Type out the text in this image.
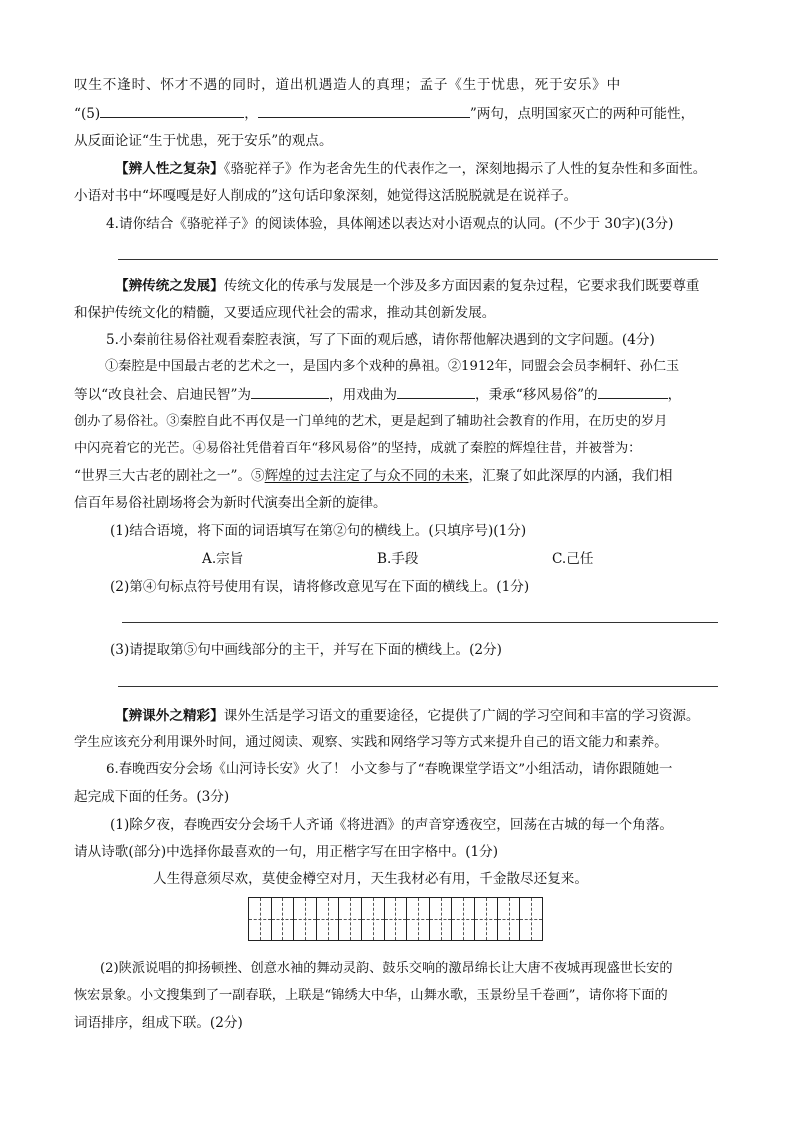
叹生不逢时、怀才不遇的同时，道出机遇造人的真理；孟子《生于忧患，死于安乐》中
“(5)	，	”两句，点明国家灭亡的两种可能性，
从反面论证“生于忧患，死于安乐”的观点。
【辨人性之复杂】《骆驼祥子》作为老舍先生的代表作之一，深刻地揭示了人性的复杂性和多面性。
小语对书中“坏嘎嘎是好人削成的”这句话印象深刻，她觉得这活脱脱就是在说祥子。
4.请你结合《骆驼祥子》的阅读体验，具体阐述以表达对小语观点的认同。(不少于 30字)(3分)
【辨传统之发展】传统文化的传承与发展是一个涉及多方面因素的复杂过程，它要求我们既要尊重
和保护传统文化的精髓，又要适应现代社会的需求，推动其创新发展。
5.小秦前往易俗社观看秦腔表演，写了下面的观后感，请你帮他解决遇到的文字问题。(4分)
①秦腔是中国最古老的艺术之一，是国内多个戏种的鼻祖。②1912年，同盟会会员李桐轩、孙仁玉
等以“改良社会、启迪民智”为	，用戏曲为	，秉承“移风易俗”的	，
创办了易俗社。③秦腔自此不再仅是一门单纯的艺术，更是起到了辅助社会教育的作用，在历史的岁月
中闪亮着它的光芒。④易俗社凭借着百年“移风易俗”的坚持，成就了秦腔的辉煌往昔，并被誉为：
“世界三大古老的剧社之一”。⑤辉煌的过去注定了与众不同的未来，汇聚了如此深厚的内涵，我们相
信百年易俗社剧场将会为新时代演奏出全新的旋律。
(1)结合语境，将下面的词语填写在第②句的横线上。(只填序号)(1分)
A.宗旨	B.手段	C.己任
(2)第④句标点符号使用有误，请将修改意见写在下面的横线上。(1分)
(3)请提取第⑤句中画线部分的主干，并写在下面的横线上。(2分)
【辨课外之精彩】课外生活是学习语文的重要途径，它提供了广阔的学习空间和丰富的学习资源。
学生应该充分利用课外时间，通过阅读、观察、实践和网络学习等方式来提升自己的语文能力和素养。
6.春晚西安分会场《山河诗长安》火了！ 小文参与了“春晚课堂学语文”小组活动，请你跟随她一
起完成下面的任务。(3分)
(1)除夕夜，春晚西安分会场千人齐诵《将进酒》的声音穿透夜空，回荡在古城的每一个角落。
请从诗歌(部分)中选择你最喜欢的一句，用正楷字写在田字格中。(1分)
人生得意须尽欢，莫使金樽空对月，天生我材必有用，千金散尽还复来。
(2)陕派说唱的抑扬顿挫、创意水袖的舞动灵韵、鼓乐交响的激昂绵长让大唐不夜城再现盛世长安的
恢宏景象。小文搜集到了一副春联，上联是“锦绣大中华，山舞水歌，玉景纷呈千卷画”，请你将下面的
词语排序，组成下联。(2分)
